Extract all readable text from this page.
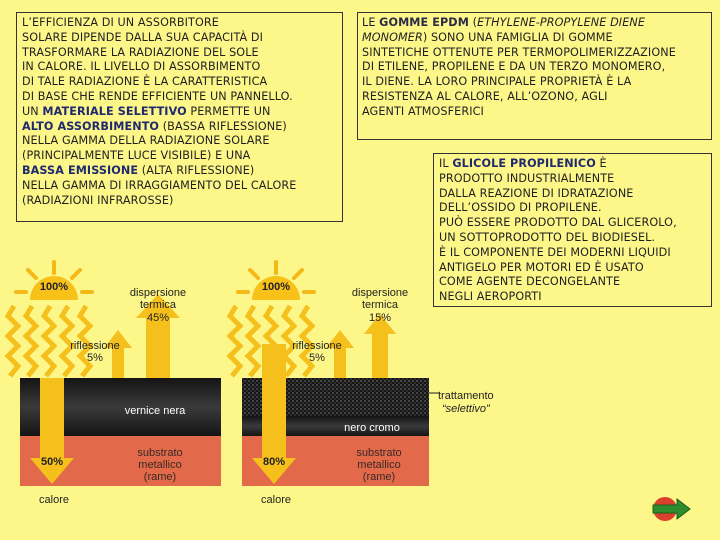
L’EFFICIENZA DI UN ASSORBITORE

SOLARE DIPENDE DALLA SUA CAPACITÀ DI

TRASFORMARE LA RADIAZIONE DEL SOLE

IN CALORE. IL LIVELLO DI ASSORBIMENTO

DI TALE RADIAZIONE È LA CARATTERISTICA

DI BASE CHE RENDE EFFICIENTE UN PANNELLO.

UN MATERIALE SELETTIVO PERMETTE UN

ALTO ASSORBIMENTO (BASSA RIFLESSIONE)

NELLA GAMMA DELLA RADIAZIONE SOLARE

(PRINCIPALMENTE LUCE VISIBILE) E UNA

BASSA EMISSIONE (ALTA RIFLESSIONE)

NELLA GAMMA DI IRRAGGIAMENTO DEL CALORE

(RADIAZIONI INFRAROSSE)

LE GOMME EPDM (ETHYLENE-PROPYLENE DIENE

MONOMER) SONO UNA FAMIGLIA DI GOMME

SINTETICHE OTTENUTE PER TERMOPOLIMERIZZAZIONE

DI ETILENE, PROPILENE E DA UN TERZO MONOMERO,

IL DIENE. LA LORO PRINCIPALE PROPRIETÀ È LA

RESISTENZA AL CALORE, ALL’OZONO, AGLI

AGENTI ATMOSFERICI

IL GLICOLE PROPILENICO È

PRODOTTO INDUSTRIALMENTE

DALLA REAZIONE DI IDRATAZIONE

DELL’OSSIDO DI PROPILENE.

PUÒ ESSERE PRODOTTO DAL GLICEROLO,

UN SOTTOPRODOTTO DEL BIODIESEL.

È IL COMPONENTE DEI MODERNI LIQUIDI

ANTIGELO PER MOTORI ED È USATO

COME AGENTE DECONGELANTE

NEGLI AEROPORTI

100%
riflessione
5%
dispersione
termica
45%
vernice nera
substrato
metallico
(rame)
50%
calore
100%
riflessione
5%
dispersione
termica
15%
nero cromo
substrato
metallico
(rame)
80%
calore
trattamento
“selettivo”
